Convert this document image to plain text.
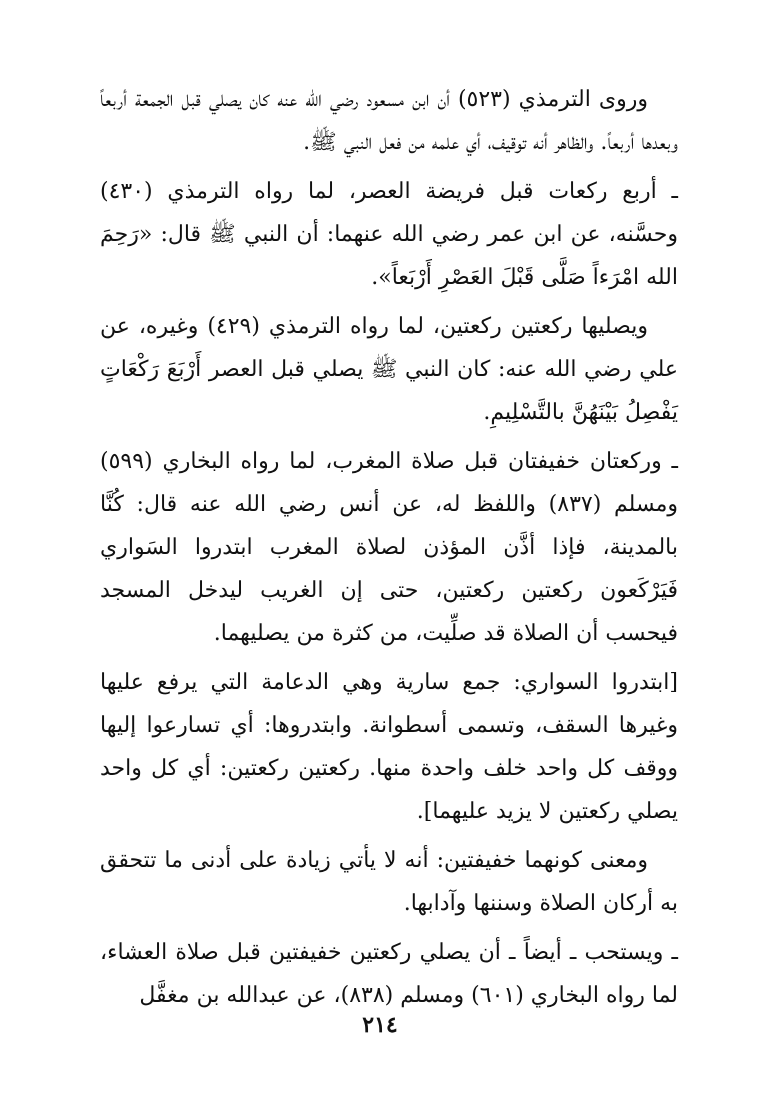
وروى الترمذي (٥٢٣) أن ابن مسعود رضي الله عنه كان يصلي قبل الجمعة أربعاً وبعدها أربعاً. والظاهر أنه توقيف، أي علمه من فعل النبي ﷺ.

ـ أربع ركعات قبل فريضة العصر، لما رواه الترمذي (٤٣٠) وحسَّنه، عن ابن عمر رضي الله عنهما: أن النبي ﷺ قال: «رَحِمَ الله امْرَءاً صَلَّى قَبْلَ العَصْرِ أَرْبَعاً».

ويصليها ركعتين ركعتين، لما رواه الترمذي (٤٢٩) وغيره، عن علي رضي الله عنه: كان النبي ﷺ يصلي قبل العصر أَرْبَعَ رَكْعَاتٍ يَفْصِلُ بَيْنَهُنَّ بالتَّسْلِيمِ.

ـ وركعتان خفيفتان قبل صلاة المغرب، لما رواه البخاري (٥٩٩) ومسلم (٨٣٧) واللفظ له، عن أنس رضي الله عنه قال: كُنَّا بالمدينة، فإذا أذَّن المؤذن لصلاة المغرب ابتدروا السَواري فَيَرْكَعون ركعتين ركعتين، حتى إن الغريب ليدخل المسجد فيحسب أن الصلاة قد صلِّيت، من كثرة من يصليهما.

[ابتدروا السواري: جمع سارية وهي الدعامة التي يرفع عليها وغيرها السقف، وتسمى أسطوانة. وابتدروها: أي تسارعوا إليها ووقف كل واحد خلف واحدة منها. ركعتين ركعتين: أي كل واحد يصلي ركعتين لا يزيد عليهما].

ومعنى كونهما خفيفتين: أنه لا يأتي زيادة على أدنى ما تتحقق به أركان الصلاة وسننها وآدابها.

ـ ويستحب ـ أيضاً ـ أن يصلي ركعتين خفيفتين قبل صلاة العشاء، لما رواه البخاري (٦٠١) ومسلم (٨٣٨)، عن عبدالله بن مغفَّل

٢١٤
